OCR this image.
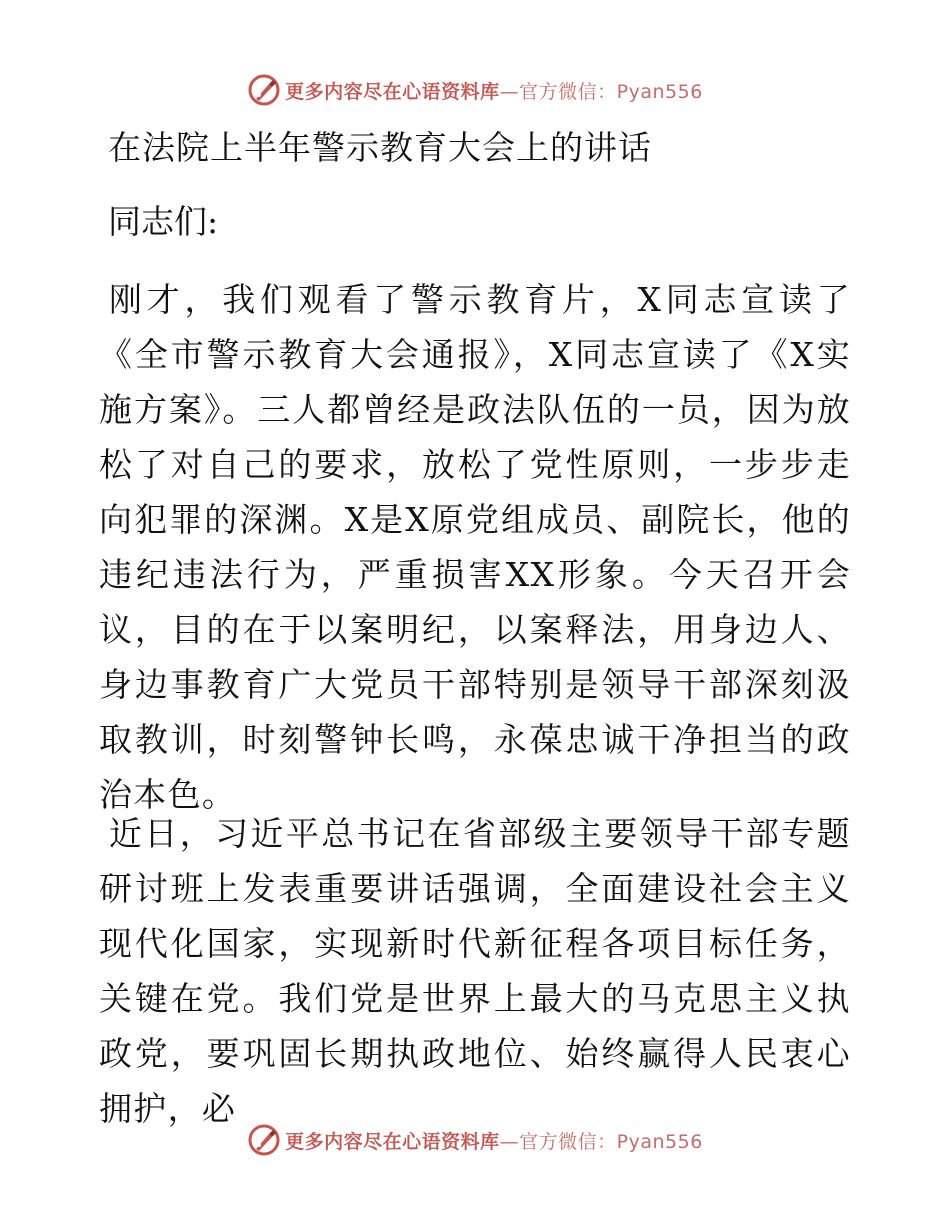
更多内容尽在心语资料库—官方微信：Pyan556
在法院上半年警示教育大会上的讲话
同志们:
刚才，我们观看了警示教育片，X同志宣读了《全市警示教育大会通报》，X同志宣读了《X实施方案》。三人都曾经是政法队伍的一员，因为放松了对自己的要求，放松了党性原则，一步步走向犯罪的深渊。X是X原党组成员、副院长，他的违纪违法行为，严重损害XX形象。今天召开会议，目的在于以案明纪，以案释法，用身边人、身边事教育广大党员干部特别是领导干部深刻汲取教训，时刻警钟长鸣，永葆忠诚干净担当的政治本色。
近日，习近平总书记在省部级主要领导干部专题研讨班上发表重要讲话强调，全面建设社会主义现代化国家，实现新时代新征程各项目标任务，关键在党。我们党是世界上最大的马克思主义执政党，要巩固长期执政地位、始终赢得人民衷心拥护，必
更多内容尽在心语资料库—官方微信：Pyan556
